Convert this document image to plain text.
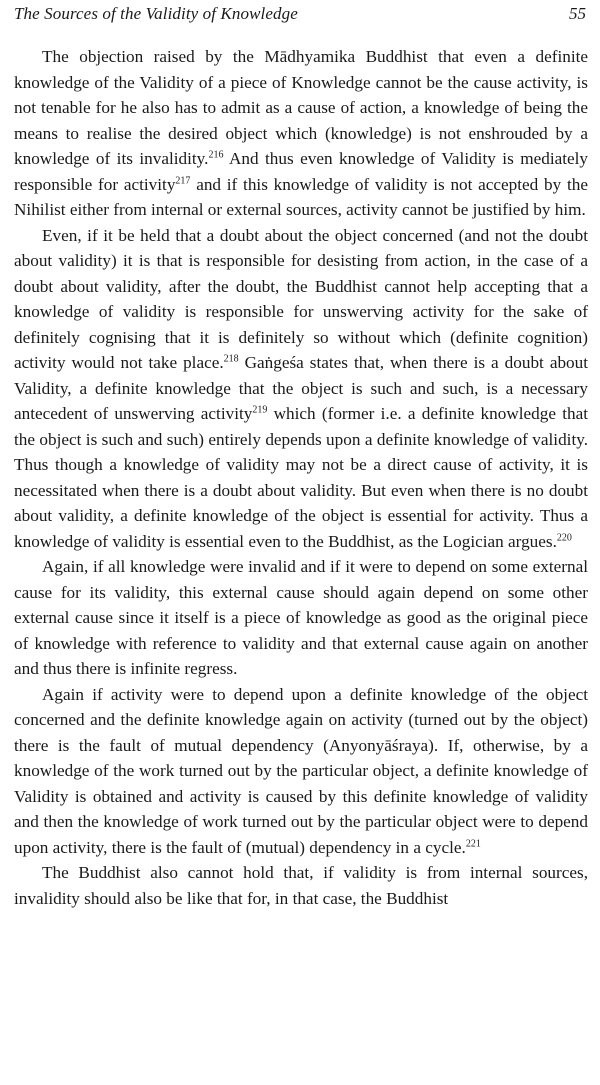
The Sources of the Validity of Knowledge	55

The objection raised by the Mādhyamika Buddhist that even a definite knowledge of the Validity of a piece of Knowledge cannot be the cause activity, is not tenable for he also has to admit as a cause of action, a knowledge of being the means to realise the desired object which (knowledge) is not enshrouded by a knowledge of its invalidity.$^{216}$ And thus even knowledge of Validity is mediately responsible for activity$^{217}$ and if this knowledge of validity is not accepted by the Nihilist either from internal or external sources, activity cannot be justified by him.

Even, if it be held that a doubt about the object concerned (and not the doubt about validity) it is that is responsible for desisting from action, in the case of a doubt about validity, after the doubt, the Buddhist cannot help accepting that a knowledge of validity is responsible for unswerving activity for the sake of definitely cognising that it is definitely so without which (definite cognition) activity would not take place.$^{218}$ Gaṅgeśa states that, when there is a doubt about Validity, a definite knowledge that the object is such and such, is a necessary antecedent of unswerving activity$^{219}$ which (former i.e. a definite knowledge that the object is such and such) entirely depends upon a definite knowledge of validity. Thus though a knowledge of validity may not be a direct cause of activity, it is necessitated when there is a doubt about validity. But even when there is no doubt about validity, a definite knowledge of the object is essential for activity. Thus a knowledge of validity is essential even to the Buddhist, as the Logician argues.$^{220}$

Again, if all knowledge were invalid and if it were to depend on some external cause for its validity, this external cause should again depend on some other external cause since it itself is a piece of knowledge as good as the original piece of knowledge with reference to validity and that external cause again on another and thus there is infinite regress.

Again if activity were to depend upon a definite knowledge of the object concerned and the definite knowledge again on activity (turned out by the object) there is the fault of mutual dependency (Anyonyāśraya). If, otherwise, by a knowledge of the work turned out by the particular object, a definite knowledge of Validity is obtained and activity is caused by this definite knowledge of validity and then the knowledge of work turned out by the particular object were to depend upon activity, there is the fault of (mutual) dependency in a cycle.$^{221}$

The Buddhist also cannot hold that, if validity is from internal sources, invalidity should also be like that for, in that case, the Buddhist
